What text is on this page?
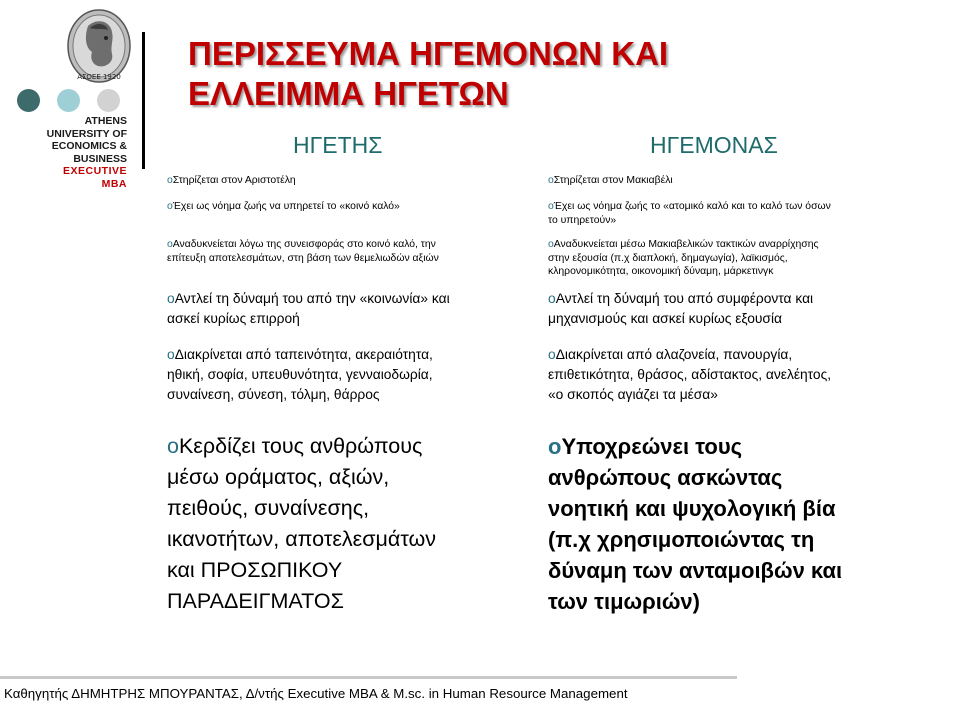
ΑΣΟΕΕ 1920
ATHENS
UNIVERSITY OF
ECONOMICS &
BUSINESS
EXECUTIVE
MBA
ΠΕΡΙΣΣΕΥΜΑ ΗΓΕΜΟΝΩΝ ΚΑΙ
ΕΛΛΕΙΜΜΑ ΗΓΕΤΩΝ
ΗΓΕΤΗΣ	ΗΓΕΜΟΝΑΣ

oΣτηρίζεται στον Αριστοτέλη

oΈχει ως νόημα ζωής να υπηρετεί το «κοινό καλό»

oΑναδυκνείεται λόγω της συνεισφοράς στο κοινό καλό, την
επίτευξη αποτελεσμάτων, στη βάση των θεμελιωδών αξιών

oΑντλεί τη δύναμή του από την «κοινωνία» και
ασκεί κυρίως επιρροή

oΔιακρίνεται από ταπεινότητα, ακεραιότητα,
ηθική, σοφία, υπευθυνότητα, γενναιοδωρία,
συναίνεση, σύνεση, τόλμη, θάρρος

oΚερδίζει τους ανθρώπους
μέσω οράματος, αξιών,
πειθούς, συναίνεσης,
ικανοτήτων, αποτελεσμάτων
και ΠΡΟΣΩΠΙΚΟΥ
ΠΑΡΑΔΕΙΓΜΑΤΟΣ

oΣτηρίζεται στον Μακιαβέλι

oΈχει ως νόημα ζωής το «ατομικό καλό και το καλό των όσων
το υπηρετούν»

oΑναδυκνείεται μέσω Μακιαβελικών τακτικών αναρρίχησης
στην εξουσία (π.χ διαπλοκή, δημαγωγία), λαϊκισμός,
κληρονομικότητα, οικονομική δύναμη, μάρκετινγκ

oΑντλεί τη δύναμή του από συμφέροντα και
μηχανισμούς και ασκεί κυρίως εξουσία

oΔιακρίνεται από αλαζονεία, πανουργία,
επιθετικότητα, θράσος, αδίστακτος, ανελέητος,
«ο σκοπός αγιάζει τα μέσα»

oΥποχρεώνει τους
ανθρώπους ασκώντας
νοητική και ψυχολογική βία
(π.χ χρησιμοποιώντας τη
δύναμη των ανταμοιβών και
των τιμωριών)

Καθηγητής ΔΗΜΗΤΡΗΣ ΜΠΟΥΡΑΝΤΑΣ, Δ/ντής Executive MBA & M.sc. in Human Resource Management
